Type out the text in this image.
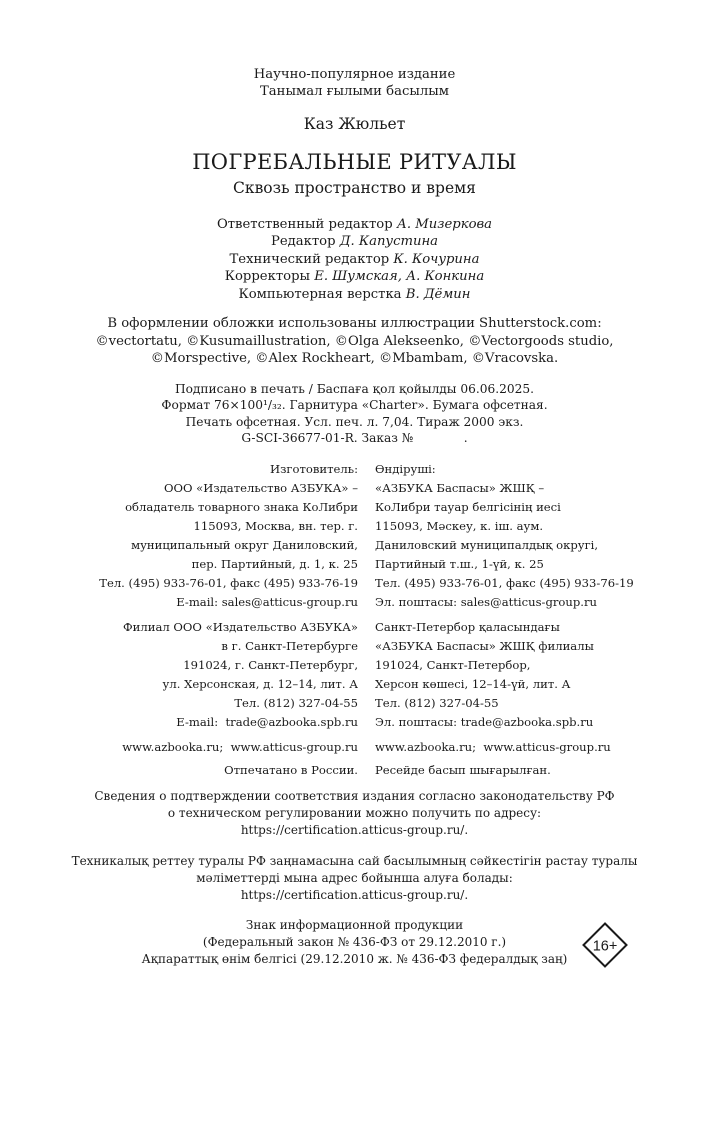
Научно-популярное издание
Танымал ғылыми басылым
Каз Жюльет
ПОГРЕБАЛЬНЫЕ РИТУАЛЫ
Сквозь пространство и время
Ответственный редактор А. Мизеркова
Редактор Д. Капустина
Технический редактор К. Кочурина
Корректоры Е. Шумская, А. Конкина
Компьютерная верстка В. Дёмин
В оформлении обложки использованы иллюстрации Shutterstock.com:
©vectortatu, ©Kusumaillustration, ©Olga Alekseenko, ©Vectorgoods studio,
©Morspective, ©Alex Rockheart, ©Mbambam, ©Vracovska.
Подписано в печать / Баспаға қол қойылды 06.06.2025.
Формат 76×100¹/₃₂. Гарнитура «Charter». Бумага офсетная.
Печать офсетная. Усл. печ. л. 7,04. Тираж 2000 экз.
G-SCI-36677-01-R. Заказ №             .
Изготовитель:
ООО «Издательство АЗБУКА» –
обладатель товарного знака КоЛибри
115093, Москва, вн. тер. г.
муниципальный округ Даниловский,
пер. Партийный, д. 1, к. 25
Тел. (495) 933-76-01, факс (495) 933-76-19
E-mail: sales@atticus-group.ru
Филиал ООО «Издательство АЗБУКА»
в г. Санкт-Петербурге
191024, г. Санкт-Петербург,
ул. Херсонская, д. 12–14, лит. А
Тел. (812) 327-04-55
E-mail:  trade@azbooka.spb.ru
www.azbooka.ru;  www.atticus-group.ru
Отпечатано в России.
Өндіруші:
«АЗБУКА Баспасы» ЖШҚ –
КоЛибри тауар белгісінің иесі
115093, Мәскеу, к. іш. аум.
Даниловский муниципалдық округі,
Партийный т.ш., 1-үй, к. 25
Тел. (495) 933-76-01, факс (495) 933-76-19
Эл. поштасы: sales@atticus-group.ru
Санкт-Петербор қаласындағы
«АЗБУКА Баспасы» ЖШҚ филиалы
191024, Санкт-Петербор,
Херсон көшесі, 12–14-үй, лит. А
Тел. (812) 327-04-55
Эл. поштасы: trade@azbooka.spb.ru
www.azbooka.ru;  www.atticus-group.ru
Ресейде басып шығарылған.
Сведения о подтверждении соответствия издания согласно законодательству РФ
о техническом регулировании можно получить по адресу:
https://certification.atticus-group.ru/.
Техникалық реттеу туралы РФ заңнамасына сай басылымның сәйкестігін растау туралы
мәліметтерді мына адрес бойынша алуға болады:
https://certification.atticus-group.ru/.
Знак информационной продукции
(Федеральный закон № 436-ФЗ от 29.12.2010 г.)
Ақпараттық өнім белгісі (29.12.2010 ж. № 436-ФЗ федералдық заң)
16+
